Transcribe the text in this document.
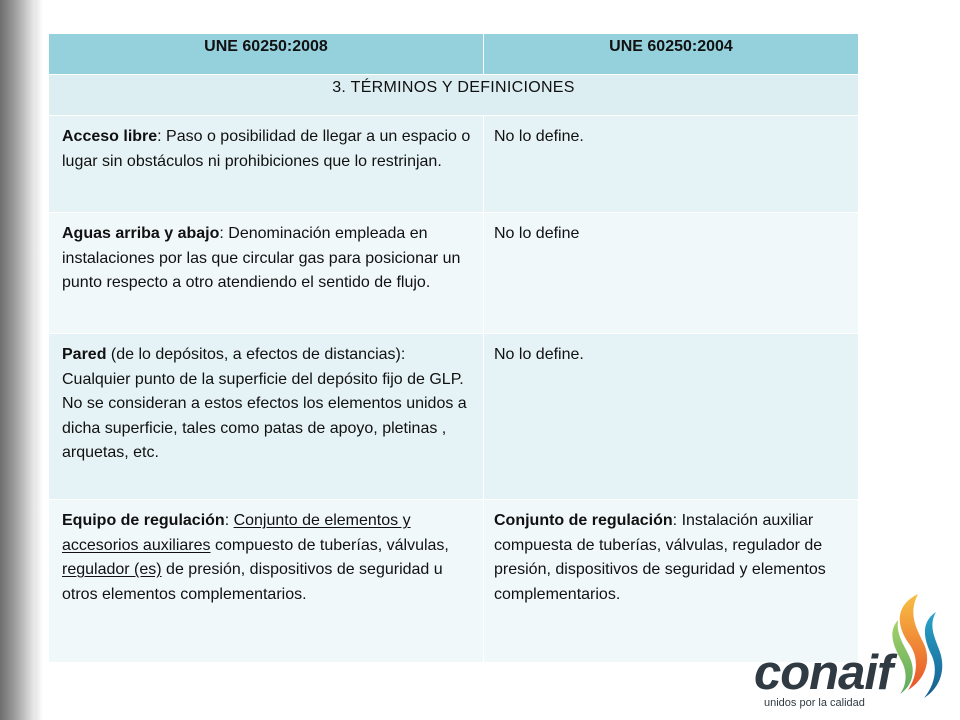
UNE 60250:2008	UNE 60250:2004
3. TÉRMINOS Y DEFINICIONES	
Acceso libre: Paso o posibilidad de llegar a un espacio o lugar sin obstáculos ni prohibiciones que lo restrinjan.	No lo define.
Aguas arriba y abajo: Denominación empleada en instalaciones por las que circular gas para posicionar un punto respecto a otro atendiendo el sentido de flujo.	No lo define
Pared (de lo depósitos, a efectos de distancias): Cualquier punto de la superficie del depósito fijo de GLP. No se consideran a estos efectos los elementos unidos a dicha superficie, tales como patas de apoyo, pletinas , arquetas, etc.	No lo define.
Equipo de regulación: Conjunto de elementos y accesorios auxiliares compuesto de tuberías, válvulas, regulador (es) de presión, dispositivos de seguridad u otros elementos complementarios.	Conjunto de regulación: Instalación auxiliar compuesta de tuberías, válvulas, regulador de presión, dispositivos de seguridad y elementos complementarios.
conaif
unidos por la calidad
